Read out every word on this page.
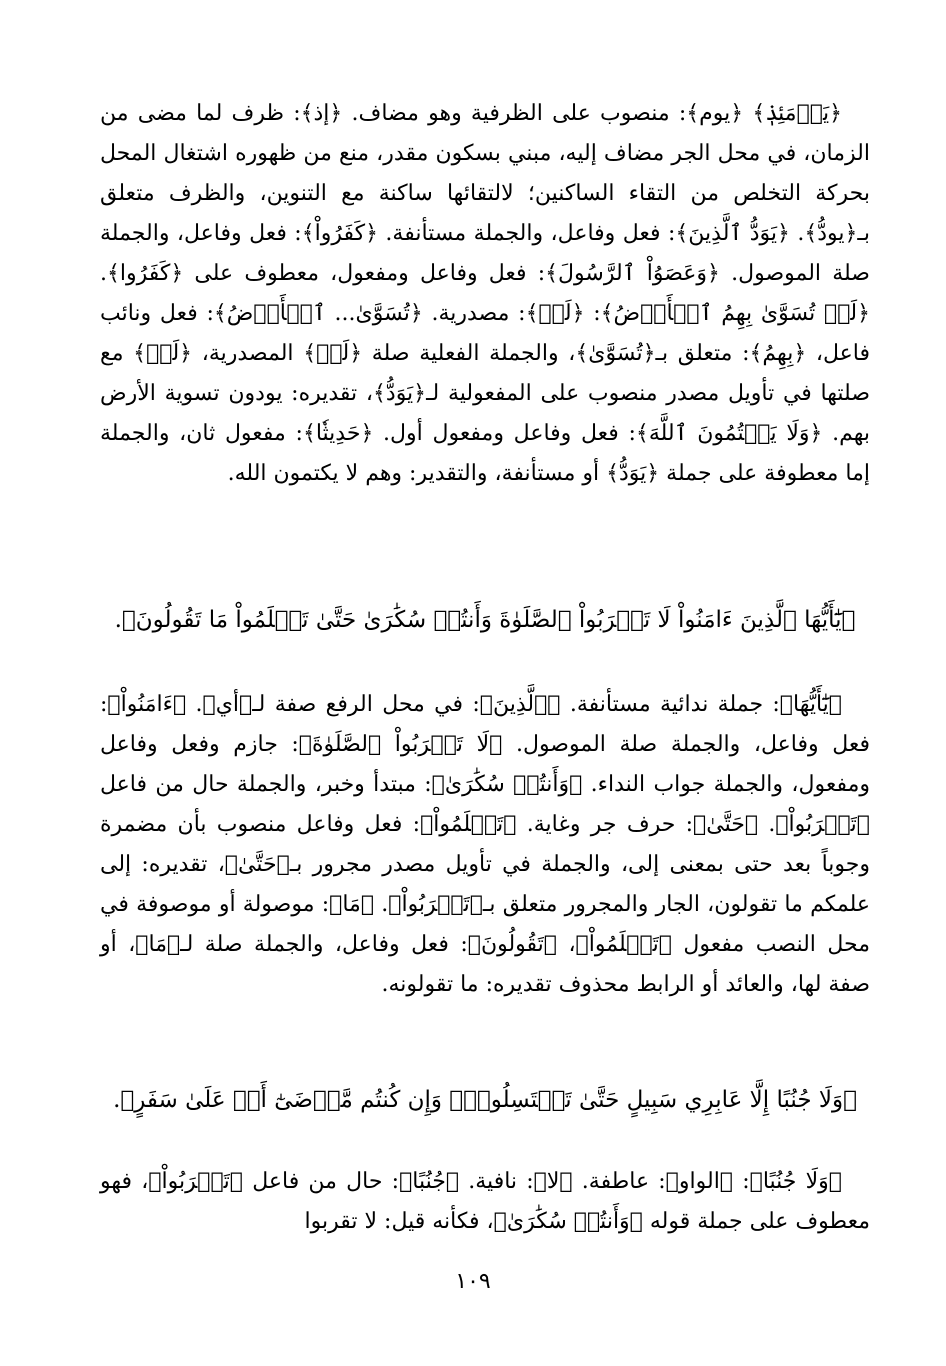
﴿يَوۡمَئِذٖ﴾ ﴿يوم﴾: منصوب على الظرفية وهو مضاف. ﴿إذ﴾: ظرف لما مضى من الزمان، في محل الجر مضاف إليه، مبني بسكون مقدر، منع من ظهوره اشتغال المحل بحركة التخلص من التقاء الساكنين؛ لالتقائها ساكنة مع التنوين، والظرف متعلق بـ﴿يودُّ﴾. ﴿يَوَدُّ ٱلَّذِينَ﴾: فعل وفاعل، والجملة مستأنفة. ﴿كَفَرُواْ﴾: فعل وفاعل، والجملة صلة الموصول. ﴿وَعَصَوُاْ ٱلرَّسُولَ﴾: فعل وفاعل ومفعول، معطوف على ﴿كَفَرُوا﴾. ﴿لَوۡ تُسَوَّىٰ بِهِمُ ٱلۡأَرۡضُ﴾: ﴿لَوۡ﴾: مصدرية. ﴿تُسَوَّىٰ... ٱلۡأَرۡضُ﴾: فعل ونائب فاعل، ﴿بِهِمُ﴾: متعلق بـ﴿تُسَوَّىٰ﴾، والجملة الفعلية صلة ﴿لَوۡ﴾ المصدرية، ﴿لَوۡ﴾ مع صلتها في تأويل مصدر منصوب على المفعولية لـ﴿يَوَدُّ﴾، تقديره: يودون تسوية الأرض بهم. ﴿وَلَا يَكۡتُمُونَ ٱللَّهَ﴾: فعل وفاعل ومفعول أول. ﴿حَدِيثٗا﴾: مفعول ثان، والجملة إما معطوفة على جملة ﴿يَوَدُّ﴾ أو مستأنفة، والتقدير: وهم لا يكتمون الله.

﴿يَٰٓأَيُّهَا ٱلَّذِينَ ءَامَنُواْ لَا تَقۡرَبُواْ ٱلصَّلَوٰةَ وَأَنتُمۡ سُكَٰرَىٰ حَتَّىٰ تَعۡلَمُواْ مَا تَقُولُونَ﴾.

﴿يَٰٓأَيُّهَا﴾: جملة ندائية مستأنفة. ﴿ٱلَّذِينَ﴾: في محل الرفع صفة لـ﴿أي﴾. ﴿ءَامَنُواْ﴾: فعل وفاعل، والجملة صلة الموصول. ﴿لَا تَقۡرَبُواْ ٱلصَّلَوٰةَ﴾: جازم وفعل وفاعل ومفعول، والجملة جواب النداء. ﴿وَأَنتُمۡ سُكَٰرَىٰ﴾: مبتدأ وخبر، والجملة حال من فاعل ﴿تَقۡرَبُواْ﴾. ﴿حَتَّىٰ﴾: حرف جر وغاية. ﴿تَعۡلَمُواْ﴾: فعل وفاعل منصوب بأن مضمرة وجوباً بعد حتى بمعنى إلى، والجملة في تأويل مصدر مجرور بـ﴿حَتَّىٰ﴾، تقديره: إلى علمكم ما تقولون، الجار والمجرور متعلق بـ﴿تَقۡرَبُواْ﴾. ﴿مَا﴾: موصولة أو موصوفة في محل النصب مفعول ﴿تَعۡلَمُواْ﴾، ﴿تَقُولُونَ﴾: فعل وفاعل، والجملة صلة لـ﴿مَا﴾، أو صفة لها، والعائد أو الرابط محذوف تقديره: ما تقولونه.

﴿وَلَا جُنُبًا إِلَّا عَابِرِي سَبِيلٍ حَتَّىٰ تَغۡتَسِلُواْۚ وَإِن كُنتُم مَّرۡضَىٰٓ أَوۡ عَلَىٰ سَفَرٍ﴾.

﴿وَلَا جُنُبًا﴾: ﴿الواو﴾: عاطفة. ﴿لا﴾: نافية. ﴿جُنُبًا﴾: حال من فاعل ﴿تَقۡرَبُواْ﴾، فهو معطوف على جملة قوله ﴿وَأَنتُمۡ سُكَٰرَىٰ﴾، فكأنه قيل: لا تقربوا

١٠٩
